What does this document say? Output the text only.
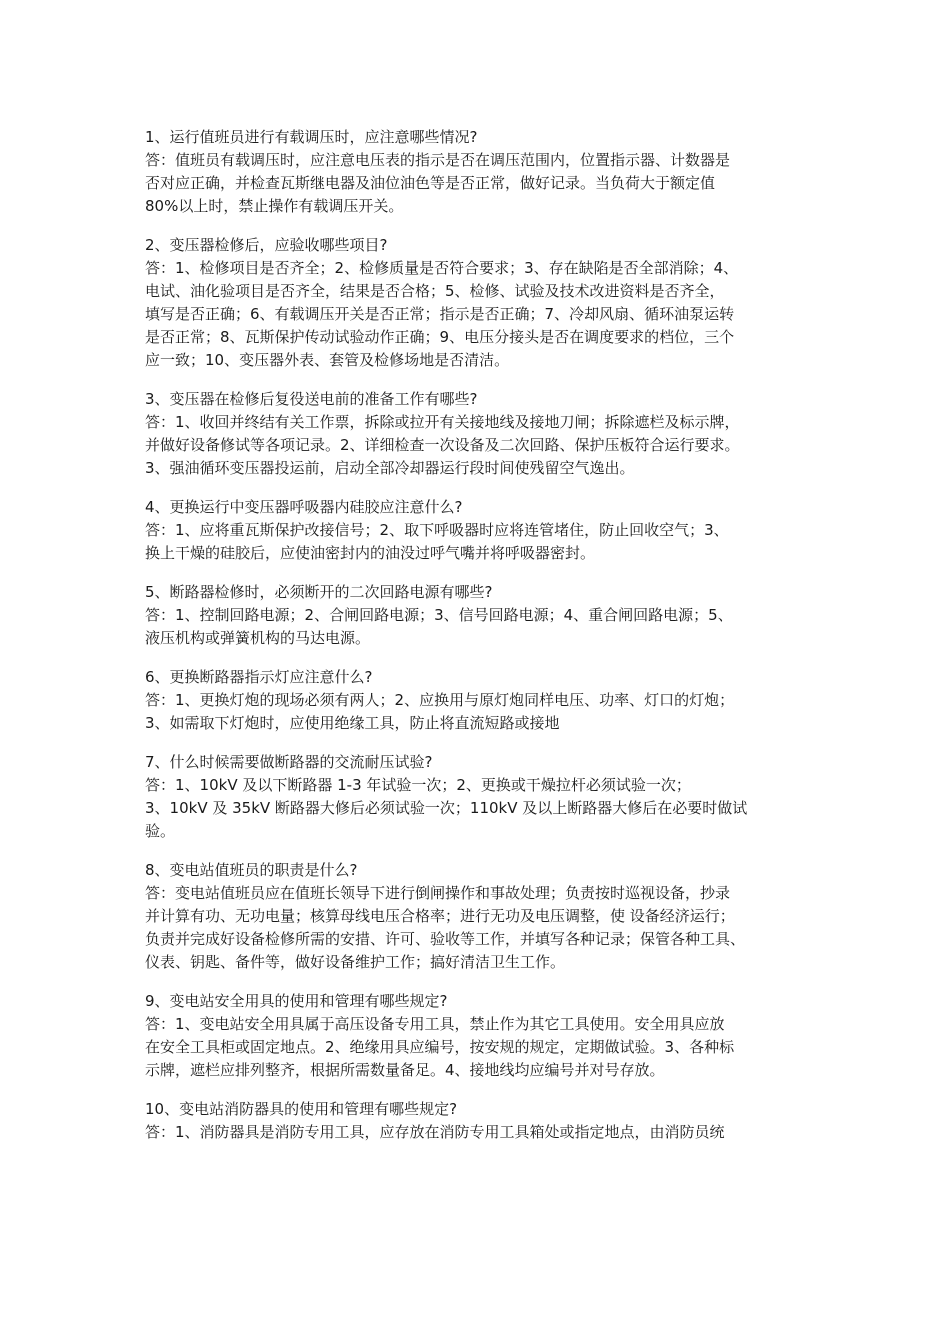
1、运行值班员进行有载调压时，应注意哪些情况?
答：值班员有载调压时，应注意电压表的指示是否在调压范围内，位置指示器、计数器是
否对应正确，并检查瓦斯继电器及油位油色等是否正常，做好记录。当负荷大于额定值
80%以上时，禁止操作有载调压开关。
2、变压器检修后，应验收哪些项目?
答：1、检修项目是否齐全；2、检修质量是否符合要求；3、存在缺陷是否全部消除；4、
电试、油化验项目是否齐全，结果是否合格；5、检修、试验及技术改进资料是否齐全，
填写是否正确；6、有载调压开关是否正常；指示是否正确；7、冷却风扇、循环油泵运转
是否正常；8、瓦斯保护传动试验动作正确；9、电压分接头是否在调度要求的档位，三个
应一致；10、变压器外表、套管及检修场地是否清洁。
3、变压器在检修后复役送电前的准备工作有哪些?
答：1、收回并终结有关工作票，拆除或拉开有关接地线及接地刀闸；拆除遮栏及标示牌，
并做好设备修试等各项记录。2、详细检查一次设备及二次回路、保护压板符合运行要求。
3、强油循环变压器投运前，启动全部冷却器运行段时间使残留空气逸出。
4、更换运行中变压器呼吸器内硅胶应注意什么?
答：1、应将重瓦斯保护改接信号；2、取下呼吸器时应将连管堵住，防止回收空气；3、
换上干燥的硅胶后，应使油密封内的油没过呼气嘴并将呼吸器密封。
5、断路器检修时，必须断开的二次回路电源有哪些?
答：1、控制回路电源；2、合闸回路电源；3、信号回路电源；4、重合闸回路电源；5、
液压机构或弹簧机构的马达电源。
6、更换断路器指示灯应注意什么?
答：1、更换灯炮的现场必须有两人；2、应换用与原灯炮同样电压、功率、灯口的灯炮；
3、如需取下灯炮时，应使用绝缘工具，防止将直流短路或接地
7、什么时候需要做断路器的交流耐压试验?
答：1、10kV 及以下断路器 1-3 年试验一次；2、更换或干燥拉杆必须试验一次；
3、10kV 及 35kV 断路器大修后必须试验一次；110kV 及以上断路器大修后在必要时做试
验。
8、变电站值班员的职责是什么?
答：变电站值班员应在值班长领导下进行倒闸操作和事故处理；负责按时巡视设备，抄录
并计算有功、无功电量；核算母线电压合格率；进行无功及电压调整，使 设备经济运行；
负责并完成好设备检修所需的安措、许可、验收等工作，并填写各种记录；保管各种工具、
仪表、钥匙、备件等，做好设备维护工作；搞好清洁卫生工作。
9、变电站安全用具的使用和管理有哪些规定?
答：1、变电站安全用具属于高压设备专用工具，禁止作为其它工具使用。安全用具应放
在安全工具柜或固定地点。2、绝缘用具应编号，按安规的规定，定期做试验。3、各种标
示牌，遮栏应排列整齐，根据所需数量备足。4、接地线均应编号并对号存放。
10、变电站消防器具的使用和管理有哪些规定?
答：1、消防器具是消防专用工具，应存放在消防专用工具箱处或指定地点，由消防员统
